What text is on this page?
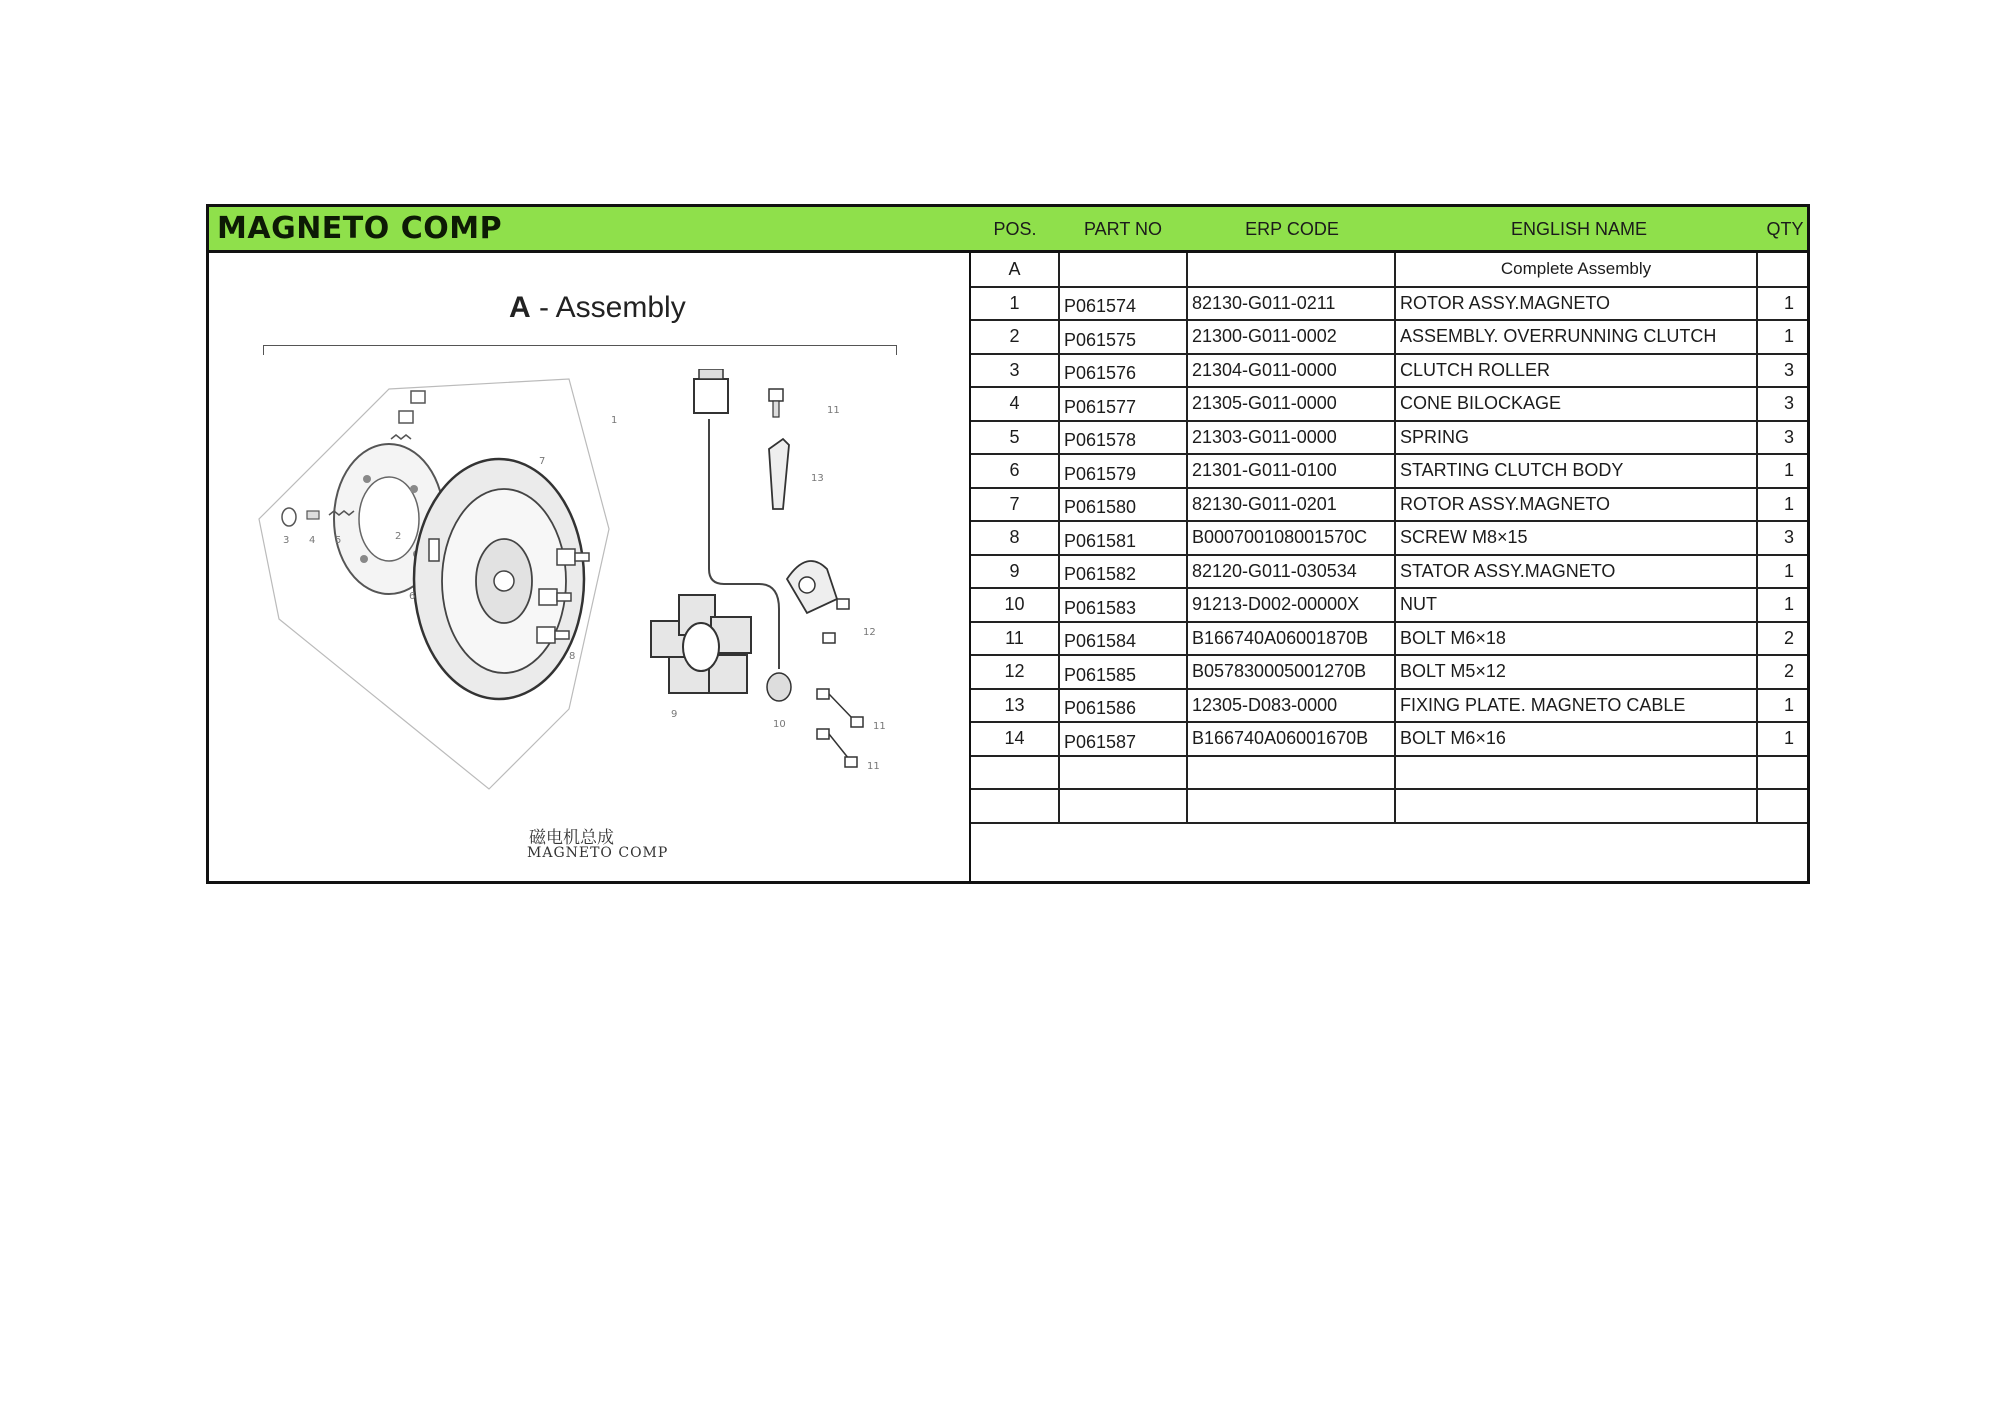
MAGNETO COMP	POS.	PART NO	ERP CODE	ENGLISH NAME	QTY
A - Assembly
1
2
3 4 5
6
7
8
9
10
11
12
13
11
11
磁电机总成
MAGNETO COMP
A			Complete Assembly	
1	P061574	82130-G011-0211	ROTOR ASSY.MAGNETO	1
2	P061575	21300-G011-0002	ASSEMBLY. OVERRUNNING CLUTCH	1
3	P061576	21304-G011-0000	CLUTCH ROLLER	3
4	P061577	21305-G011-0000	CONE BILOCKAGE	3
5	P061578	21303-G011-0000	SPRING	3
6	P061579	21301-G011-0100	STARTING CLUTCH BODY	1
7	P061580	82130-G011-0201	ROTOR ASSY.MAGNETO	1
8	P061581	B000700108001570C	SCREW M8×15	3
9	P061582	82120-G011-030534	STATOR ASSY.MAGNETO	1
10	P061583	91213-D002-00000X	NUT	1
11	P061584	B166740A06001870B	BOLT M6×18	2
12	P061585	B057830005001270B	BOLT M5×12	2
13	P061586	12305-D083-0000	FIXING PLATE. MAGNETO CABLE	1
14	P061587	B166740A06001670B	BOLT M6×16	1
